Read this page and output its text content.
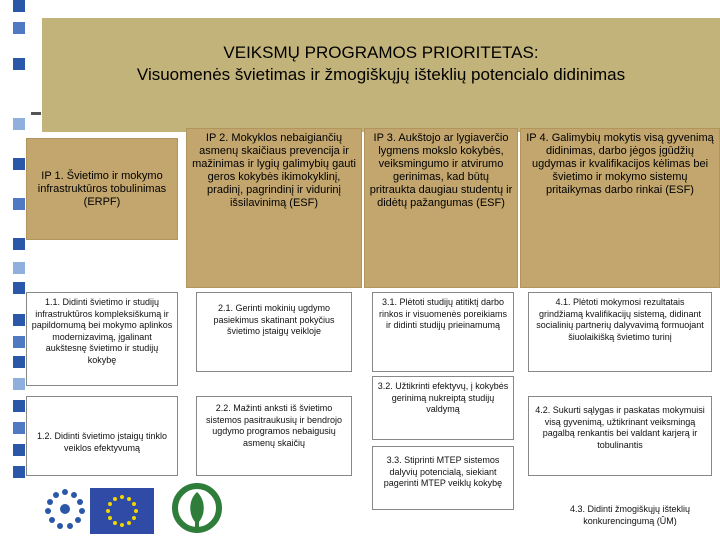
VEIKSMŲ PROGRAMOS PRIORITETAS:
Visuomenės švietimas ir žmogiškųjų išteklių potencialo didinimas
IP 1. Švietimo ir mokymo infrastruktūros tobulinimas (ERPF)
IP 2. Mokyklos nebaigiančių asmenų skaičiaus prevencija ir mažinimas ir lygių galimybių gauti geros kokybės ikimokyklinį, pradinį, pagrindinį ir vidurinį išsilavinimą (ESF)
IP 3. Aukštojo ar lygiaverčio lygmens mokslo kokybės, veiksmingumo ir atvirumo gerinimas, kad būtų pritraukta daugiau studentų ir didėtų pažangumas (ESF)
IP 4. Galimybių mokytis visą gyvenimą didinimas, darbo jėgos įgūdžių ugdymas ir kvalifikacijos kėlimas bei švietimo ir mokymo sistemų pritaikymas darbo rinkai (ESF)
1.1. Didinti švietimo ir studijų infrastruktūros kompleksiškumą ir papildomumą bei mokymo aplinkos modernizavimą, įgalinant aukštesnę švietimo ir studijų kokybę
1.2. Didinti švietimo įstaigų tinklo veiklos efektyvumą
2.1. Gerinti mokinių ugdymo pasiekimus skatinant pokyčius švietimo įstaigų veikloje
2.2. Mažinti anksti iš švietimo sistemos pasitraukusių ir bendrojo ugdymo programos nebaigusių asmenų skaičių
3.1. Plėtoti studijų atitiktį darbo rinkos ir visuomenės poreikiams ir didinti studijų prieinamumą
3.2. Užtikrinti efektyvų, į kokybės gerinimą nukreiptą studijų valdymą
3.3. Stiprinti MTEP sistemos dalyvių potencialą, siekiant pagerinti MTEP veiklų kokybę
4.1. Plėtoti mokymosi rezultatais grindžiamą kvalifikacijų sistemą, didinant socialinių partnerių dalyvavimą formuojant šiuolaikišką švietimo turinį
4.2. Sukurti sąlygas ir paskatas mokymuisi visą gyvenimą, užtikrinant veiksmingą pagalbą renkantis bei valdant karjerą ir tobulinantis
4.3. Didinti žmogiškųjų išteklių konkurencingumą (ŪM)
